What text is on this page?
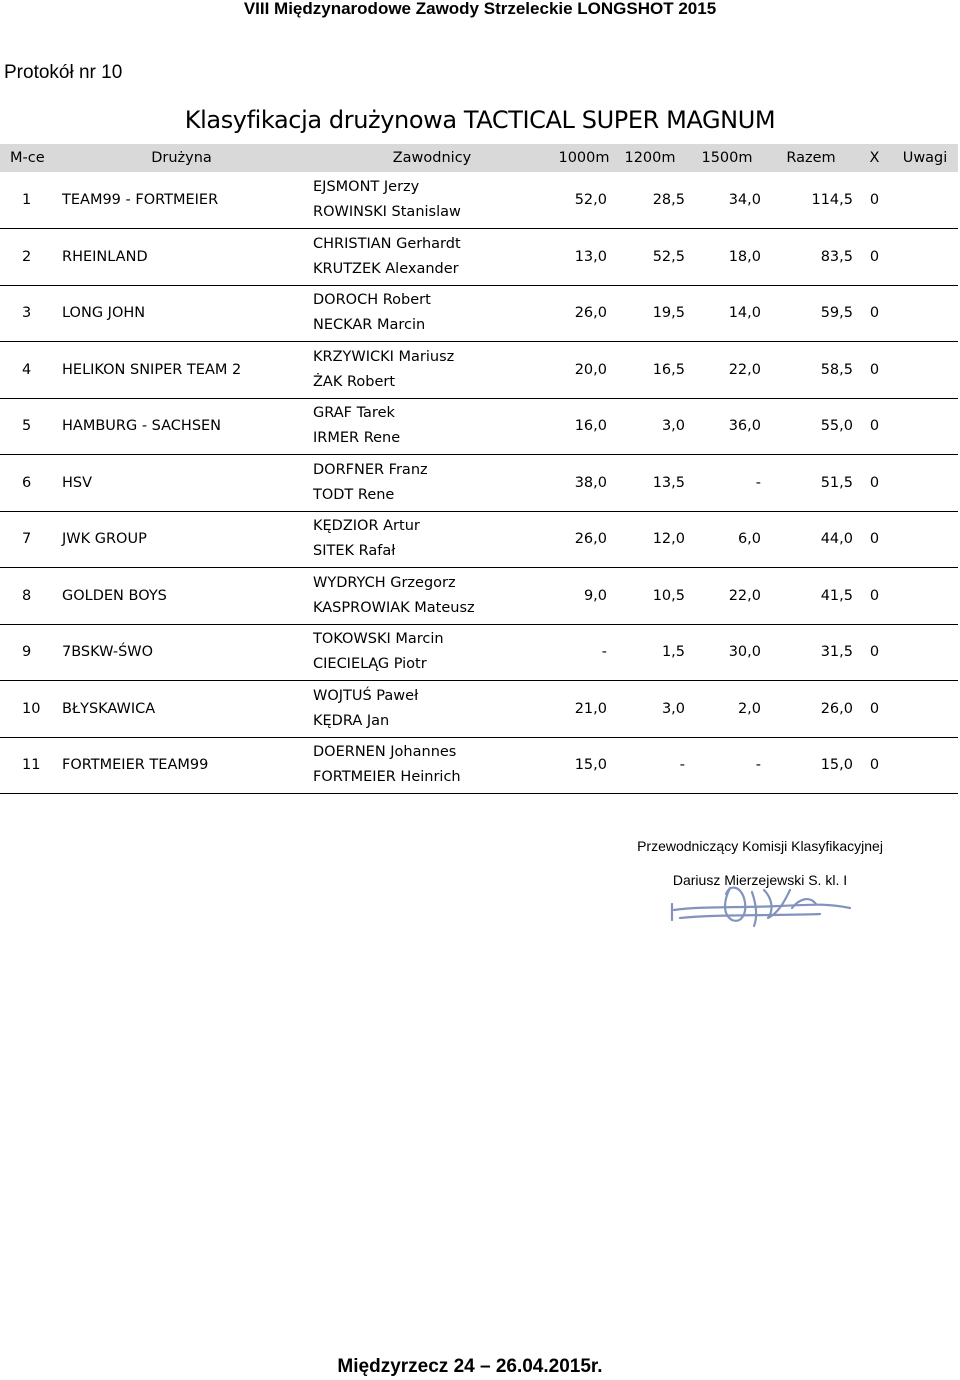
VIII Międzynarodowe Zawody Strzeleckie LONGSHOT 2015
Protokół nr 10
Klasyfikacja drużynowa TACTICAL SUPER MAGNUM
M-ce	Drużyna	Zawodnicy	1000m	1200m	1500m	Razem	X	Uwagi
1	TEAM99 - FORTMEIER	EJSMONT Jerzy
ROWINSKI Stanislaw	52,0	28,5	34,0	114,5	0	
2	RHEINLAND	CHRISTIAN Gerhardt
KRUTZEK Alexander	13,0	52,5	18,0	83,5	0	
3	LONG JOHN	DOROCH Robert
NECKAR Marcin	26,0	19,5	14,0	59,5	0	
4	HELIKON SNIPER TEAM 2	KRZYWICKI Mariusz
ŻAK Robert	20,0	16,5	22,0	58,5	0	
5	HAMBURG - SACHSEN	GRAF Tarek
IRMER Rene	16,0	3,0	36,0	55,0	0	
6	HSV	DORFNER Franz
TODT Rene	38,0	13,5	-	51,5	0	
7	JWK GROUP	KĘDZIOR Artur
SITEK Rafał	26,0	12,0	6,0	44,0	0	
8	GOLDEN BOYS	WYDRYCH Grzegorz
KASPROWIAK Mateusz	9,0	10,5	22,0	41,5	0	
9	7BSKW-ŚWO	TOKOWSKI Marcin
CIECIELĄG Piotr	-	1,5	30,0	31,5	0	
10	BŁYSKAWICA	WOJTUŚ Paweł
KĘDRA Jan	21,0	3,0	2,0	26,0	0	
11	FORTMEIER TEAM99	DOERNEN Johannes
FORTMEIER Heinrich	15,0	-	-	15,0	0	
Przewodniczący Komisji Klasyfikacyjnej
Dariusz Mierzejewski S. kl. I
Międzyrzecz 24 – 26.04.2015r.
